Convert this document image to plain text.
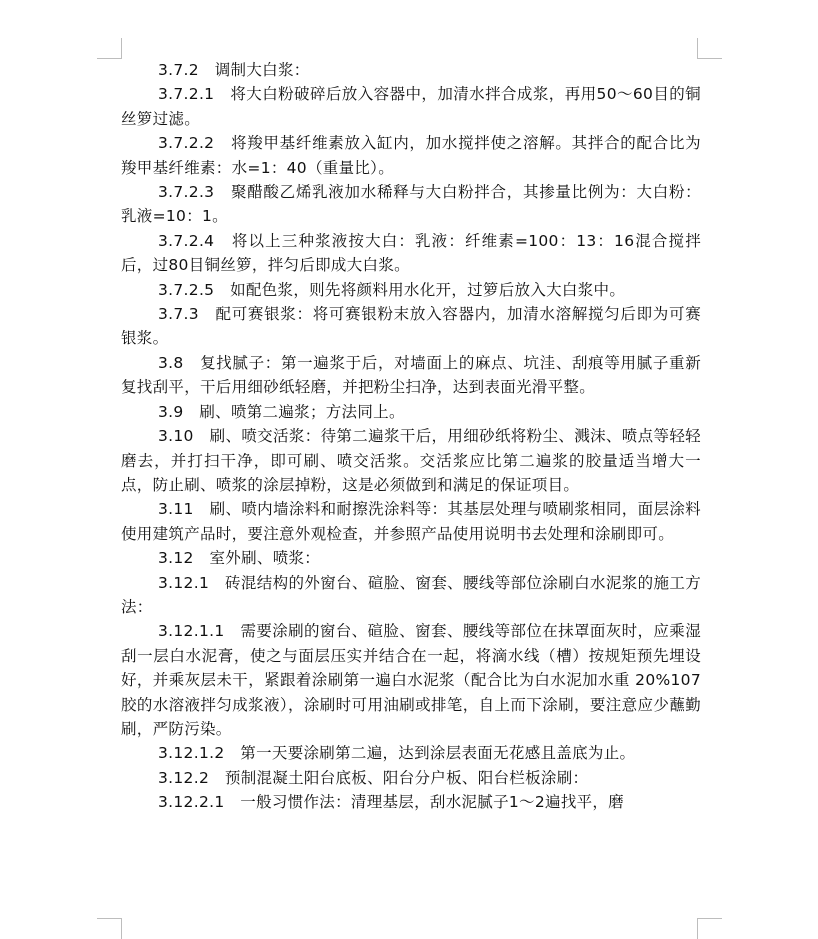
3.7.2　调制大白浆：

3.7.2.1　将大白粉破碎后放入容器中，加清水拌合成浆，再用50～60目的铜丝箩过滤。

3.7.2.2　将羧甲基纤维素放入缸内，加水搅拌使之溶解。其拌合的配合比为羧甲基纤维素：水=1：40（重量比）。

3.7.2.3　聚醋酸乙烯乳液加水稀释与大白粉拌合，其掺量比例为：大白粉：乳液=10：1。

3.7.2.4　将以上三种浆液按大白：乳液：纤维素=100：13：16混合搅拌后，过80目铜丝箩，拌匀后即成大白浆。

3.7.2.5　如配色浆，则先将颜料用水化开，过箩后放入大白浆中。

3.7.3　配可赛银浆：将可赛银粉末放入容器内，加清水溶解搅匀后即为可赛银浆。

3.8　复找腻子：第一遍浆于后，对墙面上的麻点、坑洼、刮痕等用腻子重新复找刮平，干后用细砂纸轻磨，并把粉尘扫净，达到表面光滑平整。

3.9　刷、喷第二遍浆；方法同上。

3.10　刷、喷交活浆：待第二遍浆干后，用细砂纸将粉尘、溅沫、喷点等轻轻磨去，并打扫干净，即可刷、喷交活浆。交活浆应比第二遍浆的胶量适当增大一点，防止刷、喷浆的涂层掉粉，这是必须做到和满足的保证项目。

3.11　刷、喷内墙涂料和耐擦洗涂料等：其基层处理与喷刷浆相同，面层涂料使用建筑产品时，要注意外观检查，并参照产品使用说明书去处理和涂刷即可。

3.12　室外刷、喷浆：

3.12.1　砖混结构的外窗台、碹脸、窗套、腰线等部位涂刷白水泥浆的施工方法：

3.12.1.1　需要涂刷的窗台、碹脸、窗套、腰线等部位在抹罩面灰时，应乘湿刮一层白水泥膏，使之与面层压实并结合在一起，将滴水线（槽）按规矩预先埋设好，并乘灰层未干，紧跟着涂刷第一遍白水泥浆（配合比为白水泥加水重 20%107胶的水溶液拌匀成浆液），涂刷时可用油刷或排笔，自上而下涂刷，要注意应少蘸勤刷，严防污染。

3.12.1.2　第一天要涂刷第二遍，达到涂层表面无花感且盖底为止。

3.12.2　预制混凝土阳台底板、阳台分户板、阳台栏板涂刷：

3.12.2.1　一般习惯作法：清理基层，刮水泥腻子1～2遍找平，磨
